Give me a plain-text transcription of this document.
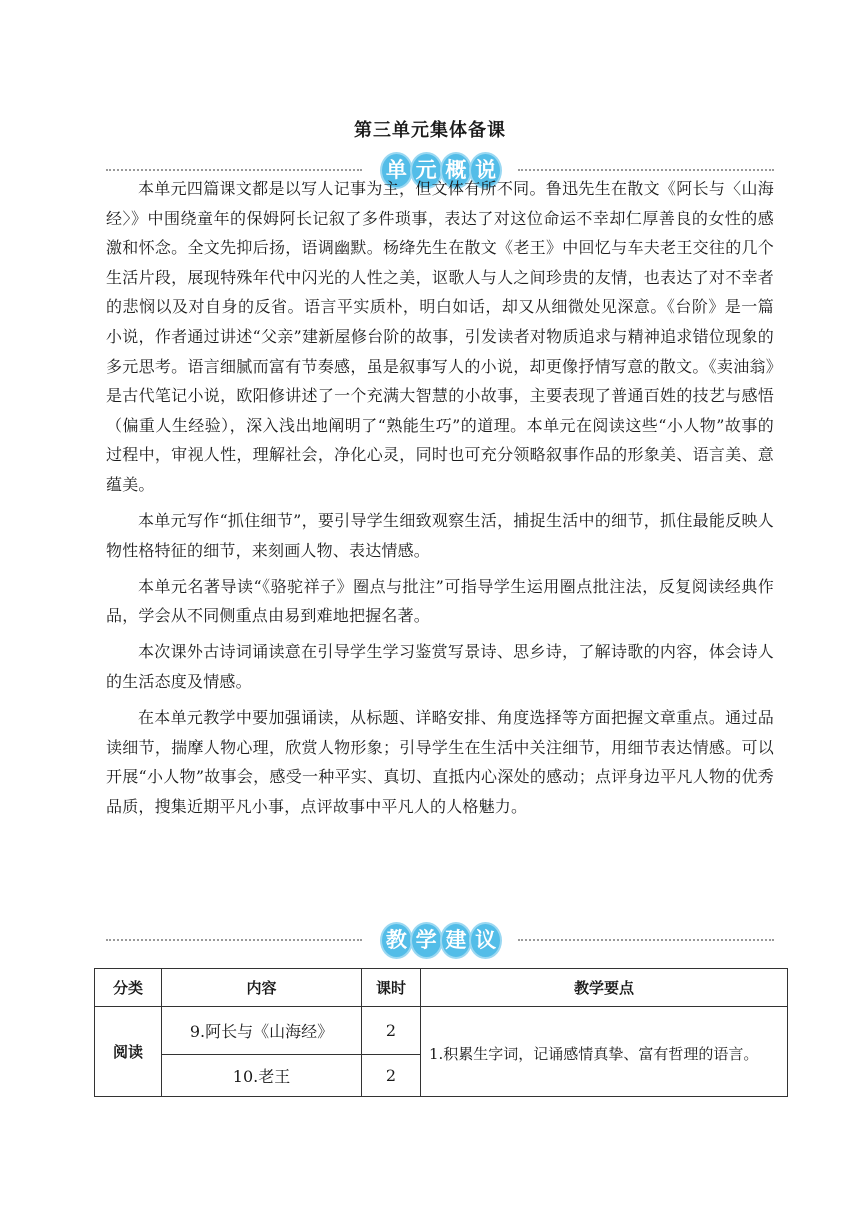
第三单元集体备课
单 元 概 说

本单元四篇课文都是以写人记事为主，但文体有所不同。鲁迅先生在散文《阿长与〈山海经〉》中围绕童年的保姆阿长记叙了多件琐事，表达了对这位命运不幸却仁厚善良的女性的感激和怀念。全文先抑后扬，语调幽默。杨绛先生在散文《老王》中回忆与车夫老王交往的几个生活片段，展现特殊年代中闪光的人性之美，讴歌人与人之间珍贵的友情，也表达了对不幸者的悲悯以及对自身的反省。语言平实质朴，明白如话，却又从细微处见深意。《台阶》是一篇小说，作者通过讲述“父亲”建新屋修台阶的故事，引发读者对物质追求与精神追求错位现象的多元思考。语言细腻而富有节奏感，虽是叙事写人的小说，却更像抒情写意的散文。《卖油翁》是古代笔记小说，欧阳修讲述了一个充满大智慧的小故事，主要表现了普通百姓的技艺与感悟（偏重人生经验），深入浅出地阐明了“熟能生巧”的道理。本单元在阅读这些“小人物”故事的过程中，审视人性，理解社会，净化心灵，同时也可充分领略叙事作品的形象美、语言美、意蕴美。

本单元写作“抓住细节”，要引导学生细致观察生活，捕捉生活中的细节，抓住最能反映人物性格特征的细节，来刻画人物、表达情感。

本单元名著导读“《骆驼祥子》圈点与批注”可指导学生运用圈点批注法，反复阅读经典作品，学会从不同侧重点由易到难地把握名著。

本次课外古诗词诵读意在引导学生学习鉴赏写景诗、思乡诗，了解诗歌的内容，体会诗人的生活态度及情感。

在本单元教学中要加强诵读，从标题、详略安排、角度选择等方面把握文章重点。通过品读细节，揣摩人物心理，欣赏人物形象；引导学生在生活中关注细节，用细节表达情感。可以开展“小人物”故事会，感受一种平实、真切、直抵内心深处的感动；点评身边平凡人物的优秀品质，搜集近期平凡小事，点评故事中平凡人的人格魅力。

教 学 建 议
分类	内容	课时	教学要点
阅读	9.阿长与《山海经》	2	1.积累生字词，记诵感情真挚、富有哲理的语言。
	10.老王	2	
